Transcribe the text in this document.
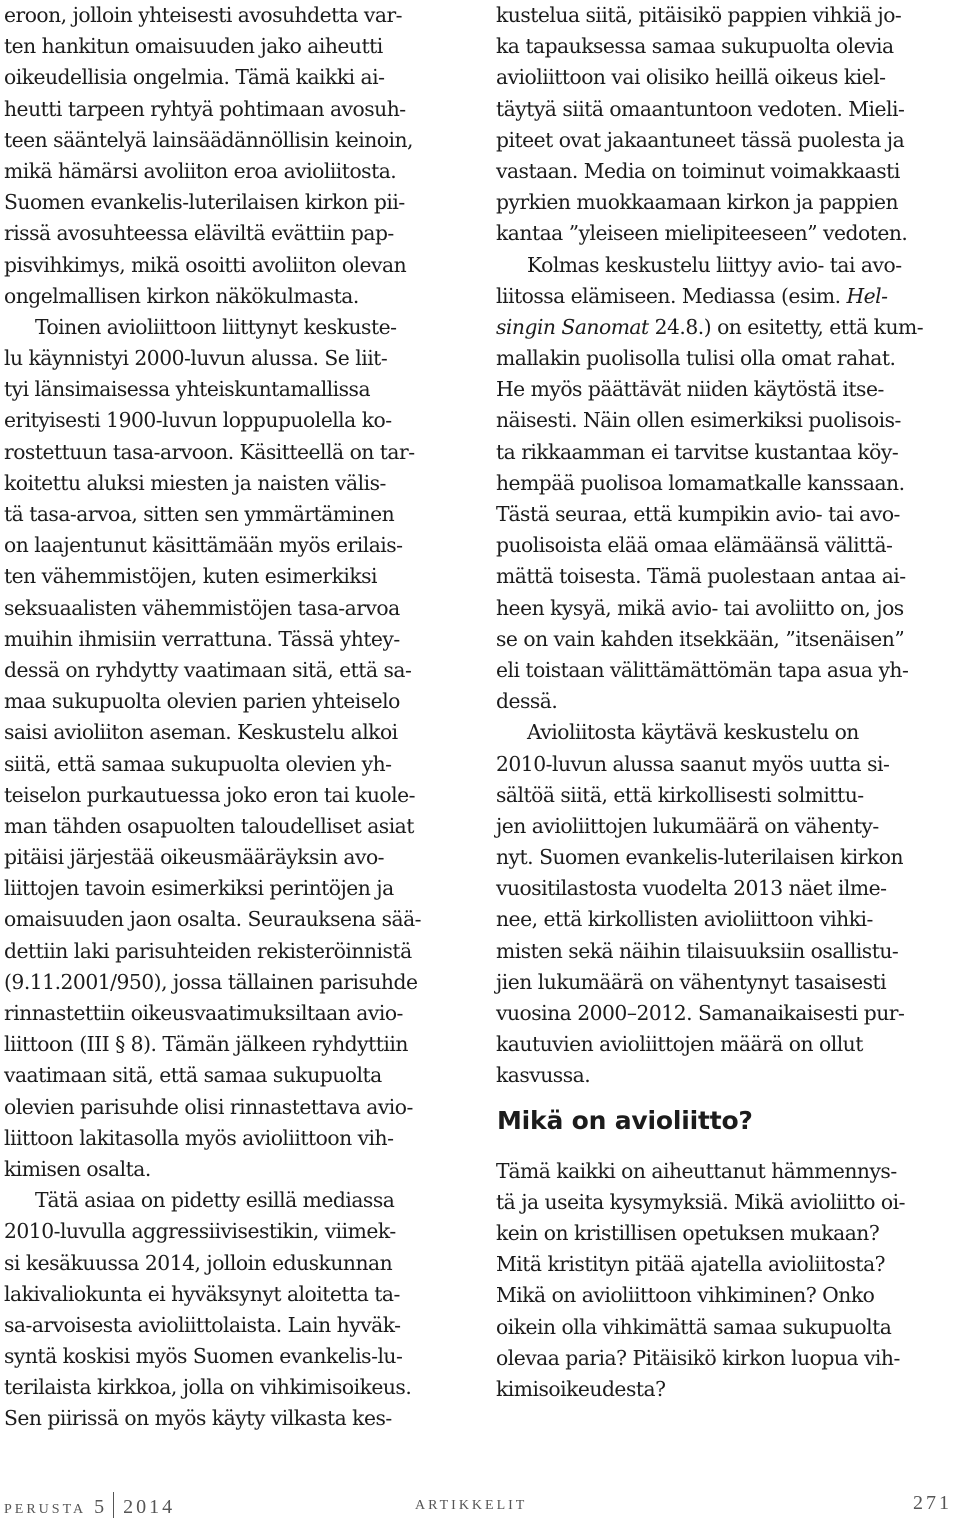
eroon, jolloin yhteisesti avosuhdetta var-
ten hankitun omaisuuden jako aiheutti
oikeudellisia ongelmia. Tämä kaikki ai-
heutti tarpeen ryhtyä pohtimaan avosuh-
teen sääntelyä lainsäädännöllisin keinoin,
mikä hämärsi avoliiton eroa avioliitosta.
Suomen evankelis-luterilaisen kirkon pii-
rissä avosuhteessa eläviltä evättiin pap-
pisvihkimys, mikä osoitti avoliiton olevan
ongelmallisen kirkon näkökulmasta.
Toinen avioliittoon liittynyt keskuste-
lu käynnistyi 2000-luvun alussa. Se liit-
tyi länsimaisessa yhteiskuntamallissa
erityisesti 1900-luvun loppupuolella ko-
rostettuun tasa-arvoon. Käsitteellä on tar-
koitettu aluksi miesten ja naisten välis-
tä tasa-arvoa, sitten sen ymmärtäminen
on laajentunut käsittämään myös erilais-
ten vähemmistöjen, kuten esimerkiksi
seksuaalisten vähemmistöjen tasa-arvoa
muihin ihmisiin verrattuna. Tässä yhtey-
dessä on ryhdytty vaatimaan sitä, että sa-
maa sukupuolta olevien parien yhteiselo
saisi avioliiton aseman. Keskustelu alkoi
siitä, että samaa sukupuolta olevien yh-
teiselon purkautuessa joko eron tai kuole-
man tähden osapuolten taloudelliset asiat
pitäisi järjestää oikeusmääräyksin avo-
liittojen tavoin esimerkiksi perintöjen ja
omaisuuden jaon osalta. Seurauksena sää-
dettiin laki parisuhteiden rekisteröinnistä
(9.11.2001/950), jossa tällainen parisuhde
rinnastettiin oikeusvaatimuksiltaan avio-
liittoon (III § 8). Tämän jälkeen ryhdyttiin
vaatimaan sitä, että samaa sukupuolta
olevien parisuhde olisi rinnastettava avio-
liittoon lakitasolla myös avioliittoon vih-
kimisen osalta.
Tätä asiaa on pidetty esillä mediassa
2010-luvulla aggressiivisestikin, viimek-
si kesäkuussa 2014, jolloin eduskunnan
lakivaliokunta ei hyväksynyt aloitetta ta-
sa-arvoisesta avioliittolaista. Lain hyväk-
syntä koskisi myös Suomen evankelis-lu-
terilaista kirkkoa, jolla on vihkimisoikeus.
Sen piirissä on myös käyty vilkasta kes-
kustelua siitä, pitäisikö pappien vihkiä jo-
ka tapauksessa samaa sukupuolta olevia
avioliittoon vai olisiko heillä oikeus kiel-
täytyä siitä omaantuntoon vedoten. Mieli-
piteet ovat jakaantuneet tässä puolesta ja
vastaan. Media on toiminut voimakkaasti
pyrkien muokkaamaan kirkon ja pappien
kantaa ”yleiseen mielipiteeseen” vedoten.
Kolmas keskustelu liittyy avio- tai avo-
liitossa elämiseen. Mediassa (esim. Hel-
singin Sanomat 24.8.) on esitetty, että kum-
mallakin puolisolla tulisi olla omat rahat.
He myös päättävät niiden käytöstä itse-
näisesti. Näin ollen esimerkiksi puolisois-
ta rikkaamman ei tarvitse kustantaa köy-
hempää puolisoa lomamatkalle kanssaan.
Tästä seuraa, että kumpikin avio- tai avo-
puolisoista elää omaa elämäänsä välittä-
mättä toisesta. Tämä puolestaan antaa ai-
heen kysyä, mikä avio- tai avoliitto on, jos
se on vain kahden itsekkään, ”itsenäisen”
eli toistaan välittämättömän tapa asua yh-
dessä.
Avioliitosta käytävä keskustelu on
2010-luvun alussa saanut myös uutta si-
sältöä siitä, että kirkollisesti solmittu-
jen avioliittojen lukumäärä on vähenty-
nyt. Suomen evankelis-luterilaisen kirkon
vuositilastosta vuodelta 2013 näet ilme-
nee, että kirkollisten avioliittoon vihki-
misten sekä näihin tilaisuuksiin osallistu-
jien lukumäärä on vähentynyt tasaisesti
vuosina 2000–2012. Samanaikaisesti pur-
kautuvien avioliittojen määrä on ollut
kasvussa.
Mikä on avioliitto?
Tämä kaikki on aiheuttanut hämmennys-
tä ja useita kysymyksiä. Mikä avioliitto oi-
kein on kristillisen opetuksen mukaan?
Mitä kristityn pitää ajatella avioliitosta?
Mikä on avioliittoon vihkiminen? Onko
oikein olla vihkimättä samaa sukupuolta
olevaa paria? Pitäisikö kirkon luopua vih-
kimisoikeudesta?
perusta 5 2014	artikkelit	271
